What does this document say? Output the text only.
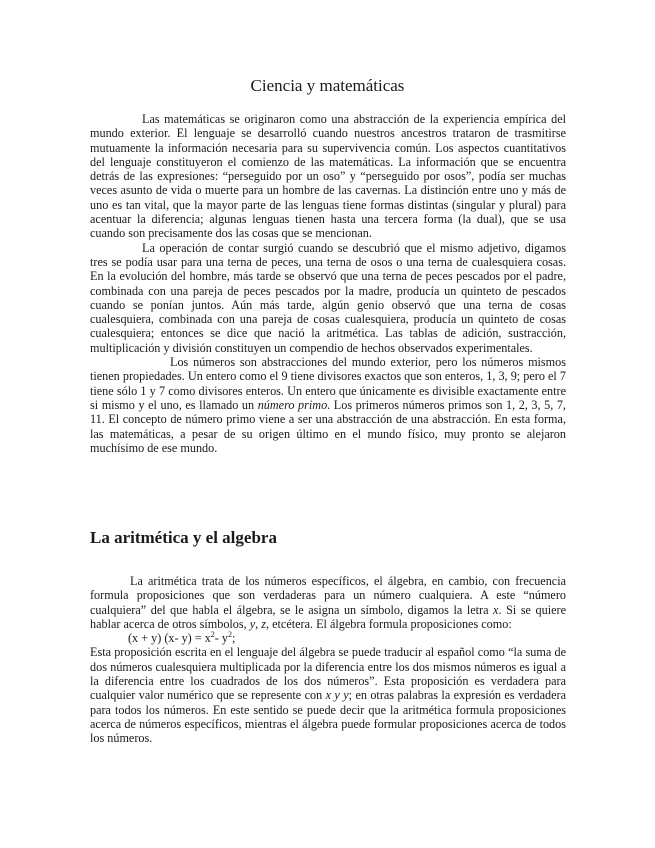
Ciencia y matemáticas

Las matemáticas se originaron como una abstracción de la experiencia empírica del mundo exterior. El lenguaje se desarrolló cuando nuestros ancestros trataron de trasmitirse mutuamente la información necesaria para su supervivencia común. Los aspectos cuantitativos del lenguaje constituyeron el comienzo de las matemáticas. La información que se encuentra detrás de las expresiones: “perseguido por un oso” y “perseguido por osos”, podía ser muchas veces asunto de vida o muerte para un hombre de las cavernas. La distinción entre uno y más de uno es tan vital, que la mayor parte de las lenguas tiene formas distintas (singular y plural) para acentuar la diferencia; algunas lenguas tienen hasta una tercera forma (la dual), que se usa cuando son precisamente dos las cosas que se mencionan.

La operación de contar surgió cuando se descubrió que el mismo adjetivo, digamos tres se podía usar para una terna de peces, una terna de osos o una terna de cualesquiera cosas. En la evolución del hombre, más tarde se observó que una terna de peces pescados por el padre, combinada con una pareja de peces pescados por la madre, producía un quinteto de pescados cuando se ponían juntos. Aún más tarde, algún genio observó que una terna de cosas cualesquiera, combinada con una pareja de cosas cualesquiera, producía un quinteto de cosas cualesquiera; entonces se dice que nació la aritmética. Las tablas de adición, sustracción, multiplicación y división constituyen un compendio de hechos observados experimentales.

Los números son abstracciones del mundo exterior, pero los números mismos tienen propiedades. Un entero como el 9 tiene divisores exactos que son enteros, 1, 3, 9; pero el 7 tiene sólo 1 y 7 como divisores enteros. Un entero que únicamente es divisible exactamente entre si mismo y el uno, es llamado un número primo. Los primeros números primos son 1, 2, 3, 5, 7, 11. El concepto de número primo viene a ser una abstracción de una abstracción. En esta forma, las matemáticas, a pesar de su origen último en el mundo físico, muy pronto se alejaron muchísimo de ese mundo.

La aritmética y el algebra

La aritmética trata de los números específicos, el álgebra, en cambio, con frecuencia formula proposiciones que son verdaderas para un número cualquiera. A este “número cualquiera” del que habla el álgebra, se le asigna un símbolo, digamos la letra x. Si se quiere hablar acerca de otros símbolos, y, z, etcétera. El álgebra formula proposiciones como:

(x + y) (x- $y) = x^2-$ $y^2$;

Esta proposición escrita en el lenguaje del álgebra se puede traducir al español como “la suma de dos números cualesquiera multiplicada por la diferencia entre los dos mismos números es igual a la diferencia entre los cuadrados de los dos números”. Esta proposición es verdadera para cualquier valor numérico que se represente con x y y; en otras palabras la expresión es verdadera para todos los números. En este sentido se puede decir que la aritmética formula proposiciones acerca de números específicos, mientras el álgebra puede formular proposiciones acerca de todos los números.
